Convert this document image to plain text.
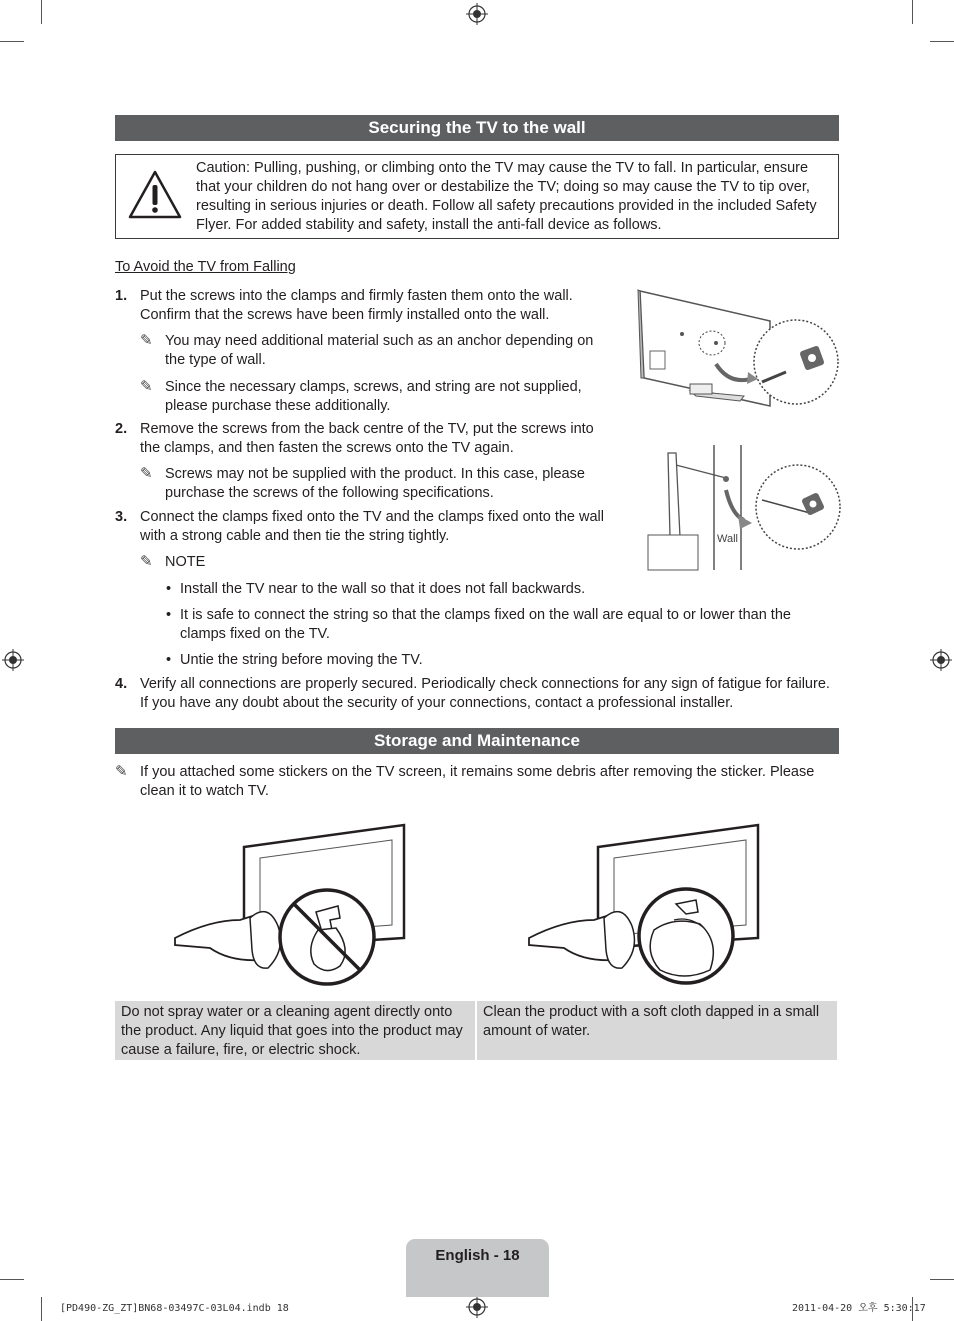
Securing the TV to the wall
Caution: Pulling, pushing, or climbing onto the TV may cause the TV to fall. In particular, ensure that your children do not hang over or destabilize the TV; doing so may cause the TV to tip over, resulting in serious injuries or death. Follow all safety precautions provided in the included Safety Flyer. For added stability and safety, install the anti-fall device as follows.
To Avoid the TV from Falling
1. Put the screws into the clamps and firmly fasten them onto the wall. Confirm that the screws have been firmly installed onto the wall.
✎ You may need additional material such as an anchor depending on the type of wall.
✎ Since the necessary clamps, screws, and string are not supplied, please purchase these additionally.
2. Remove the screws from the back centre of the TV, put the screws into the clamps, and then fasten the screws onto the TV again.
✎ Screws may not be supplied with the product. In this case, please purchase the screws of the following specifications.
3. Connect the clamps fixed onto the TV and the clamps fixed onto the wall with a strong cable and then tie the string tightly.
✎ NOTE
• Install the TV near to the wall so that it does not fall backwards.
• It is safe to connect the string so that the clamps fixed on the wall are equal to or lower than the clamps fixed on the TV.
• Untie the string before moving the TV.
4. Verify all connections are properly secured. Periodically check connections for any sign of fatigue for failure. If you have any doubt about the security of your connections, contact a professional installer.
Wall
Storage and Maintenance
✎ If you attached some stickers on the TV screen, it remains some debris after removing the sticker. Please clean it to watch TV.
Do not spray water or a cleaning agent directly onto the product. Any liquid that goes into the product may cause a failure, fire, or electric shock.
Clean the product with a soft cloth dapped in a small amount of water.
English - 18
[PD490-ZG_ZT]BN68-03497C-03L04.indb 18	2011-04-20 오후 5:30:17
